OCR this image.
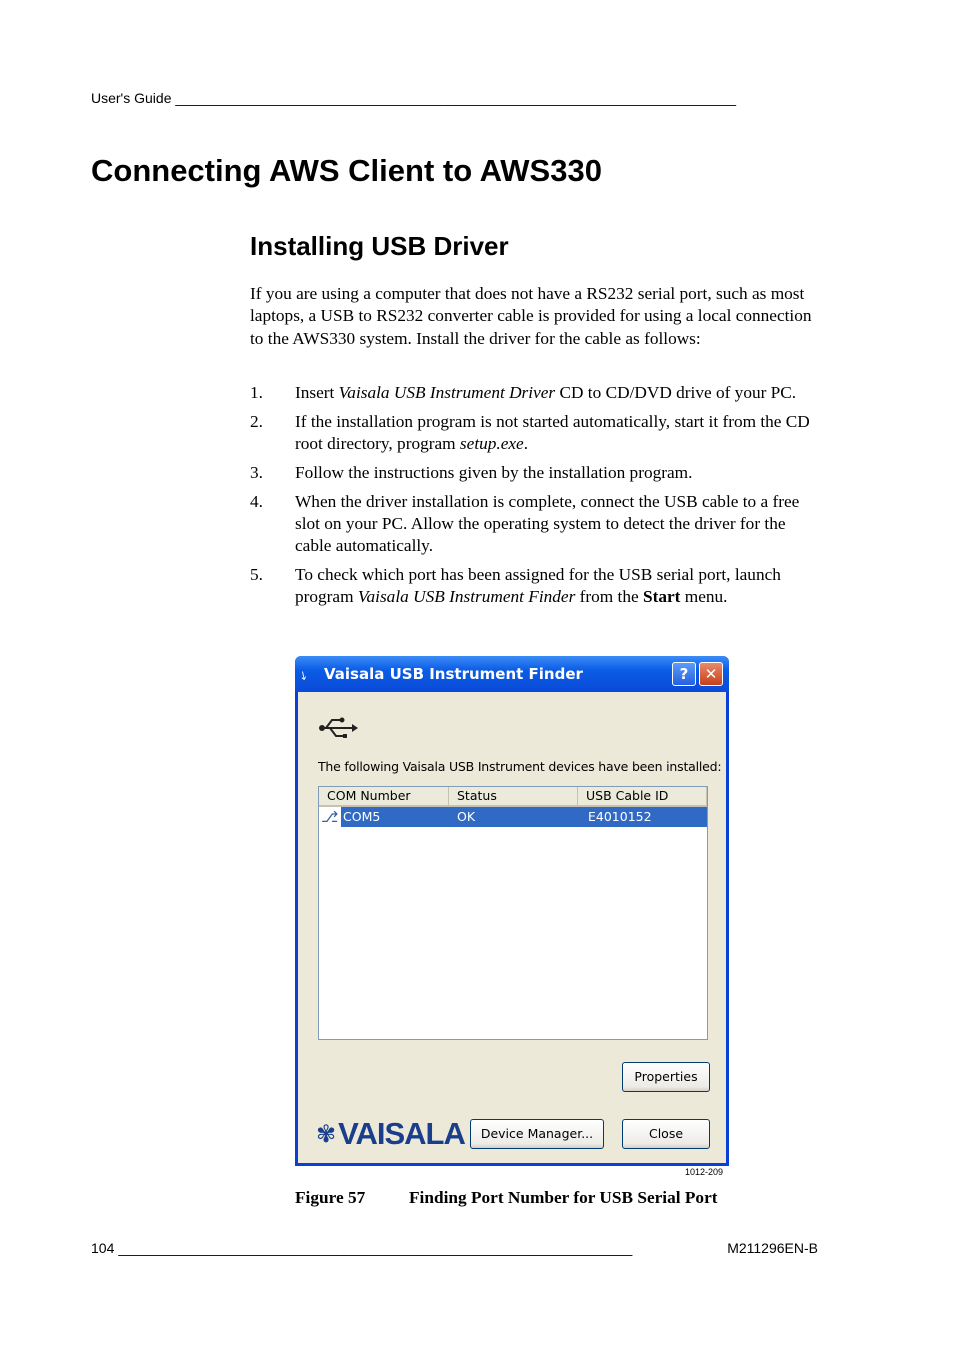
User's Guide ________________________________________________________________________
Connecting AWS Client to AWS330
Installing USB Driver

If you are using a computer that does not have a RS232 serial port, such as most laptops, a USB to RS232 converter cable is provided for using a local connection to the AWS330 system. Install the driver for the cable as follows:

1. Insert Vaisala USB Instrument Driver CD to CD/DVD drive of your PC.
2. If the installation program is not started automatically, start it from the CD root directory, program setup.exe.
3. Follow the instructions given by the installation program.
4. When the driver installation is complete, connect the USB cable to a free slot on your PC. Allow the operating system to detect the driver for the cable automatically.
5. To check which port has been assigned for the USB serial port, launch program Vaisala USB Instrument Finder from the Start menu.
⭏ Vaisala USB Instrument Finder	?	✕
The following Vaisala USB Instrument devices have been installed:
COM Number	Status	USB Cable ID
⎇ COM5	OK	E4010152
Properties
✾ VAISALA	Device Manager...	Close
1012-209
Figure 57	Finding Port Number for USB Serial Port
104 __________________________________________________________________	M211296EN-B
